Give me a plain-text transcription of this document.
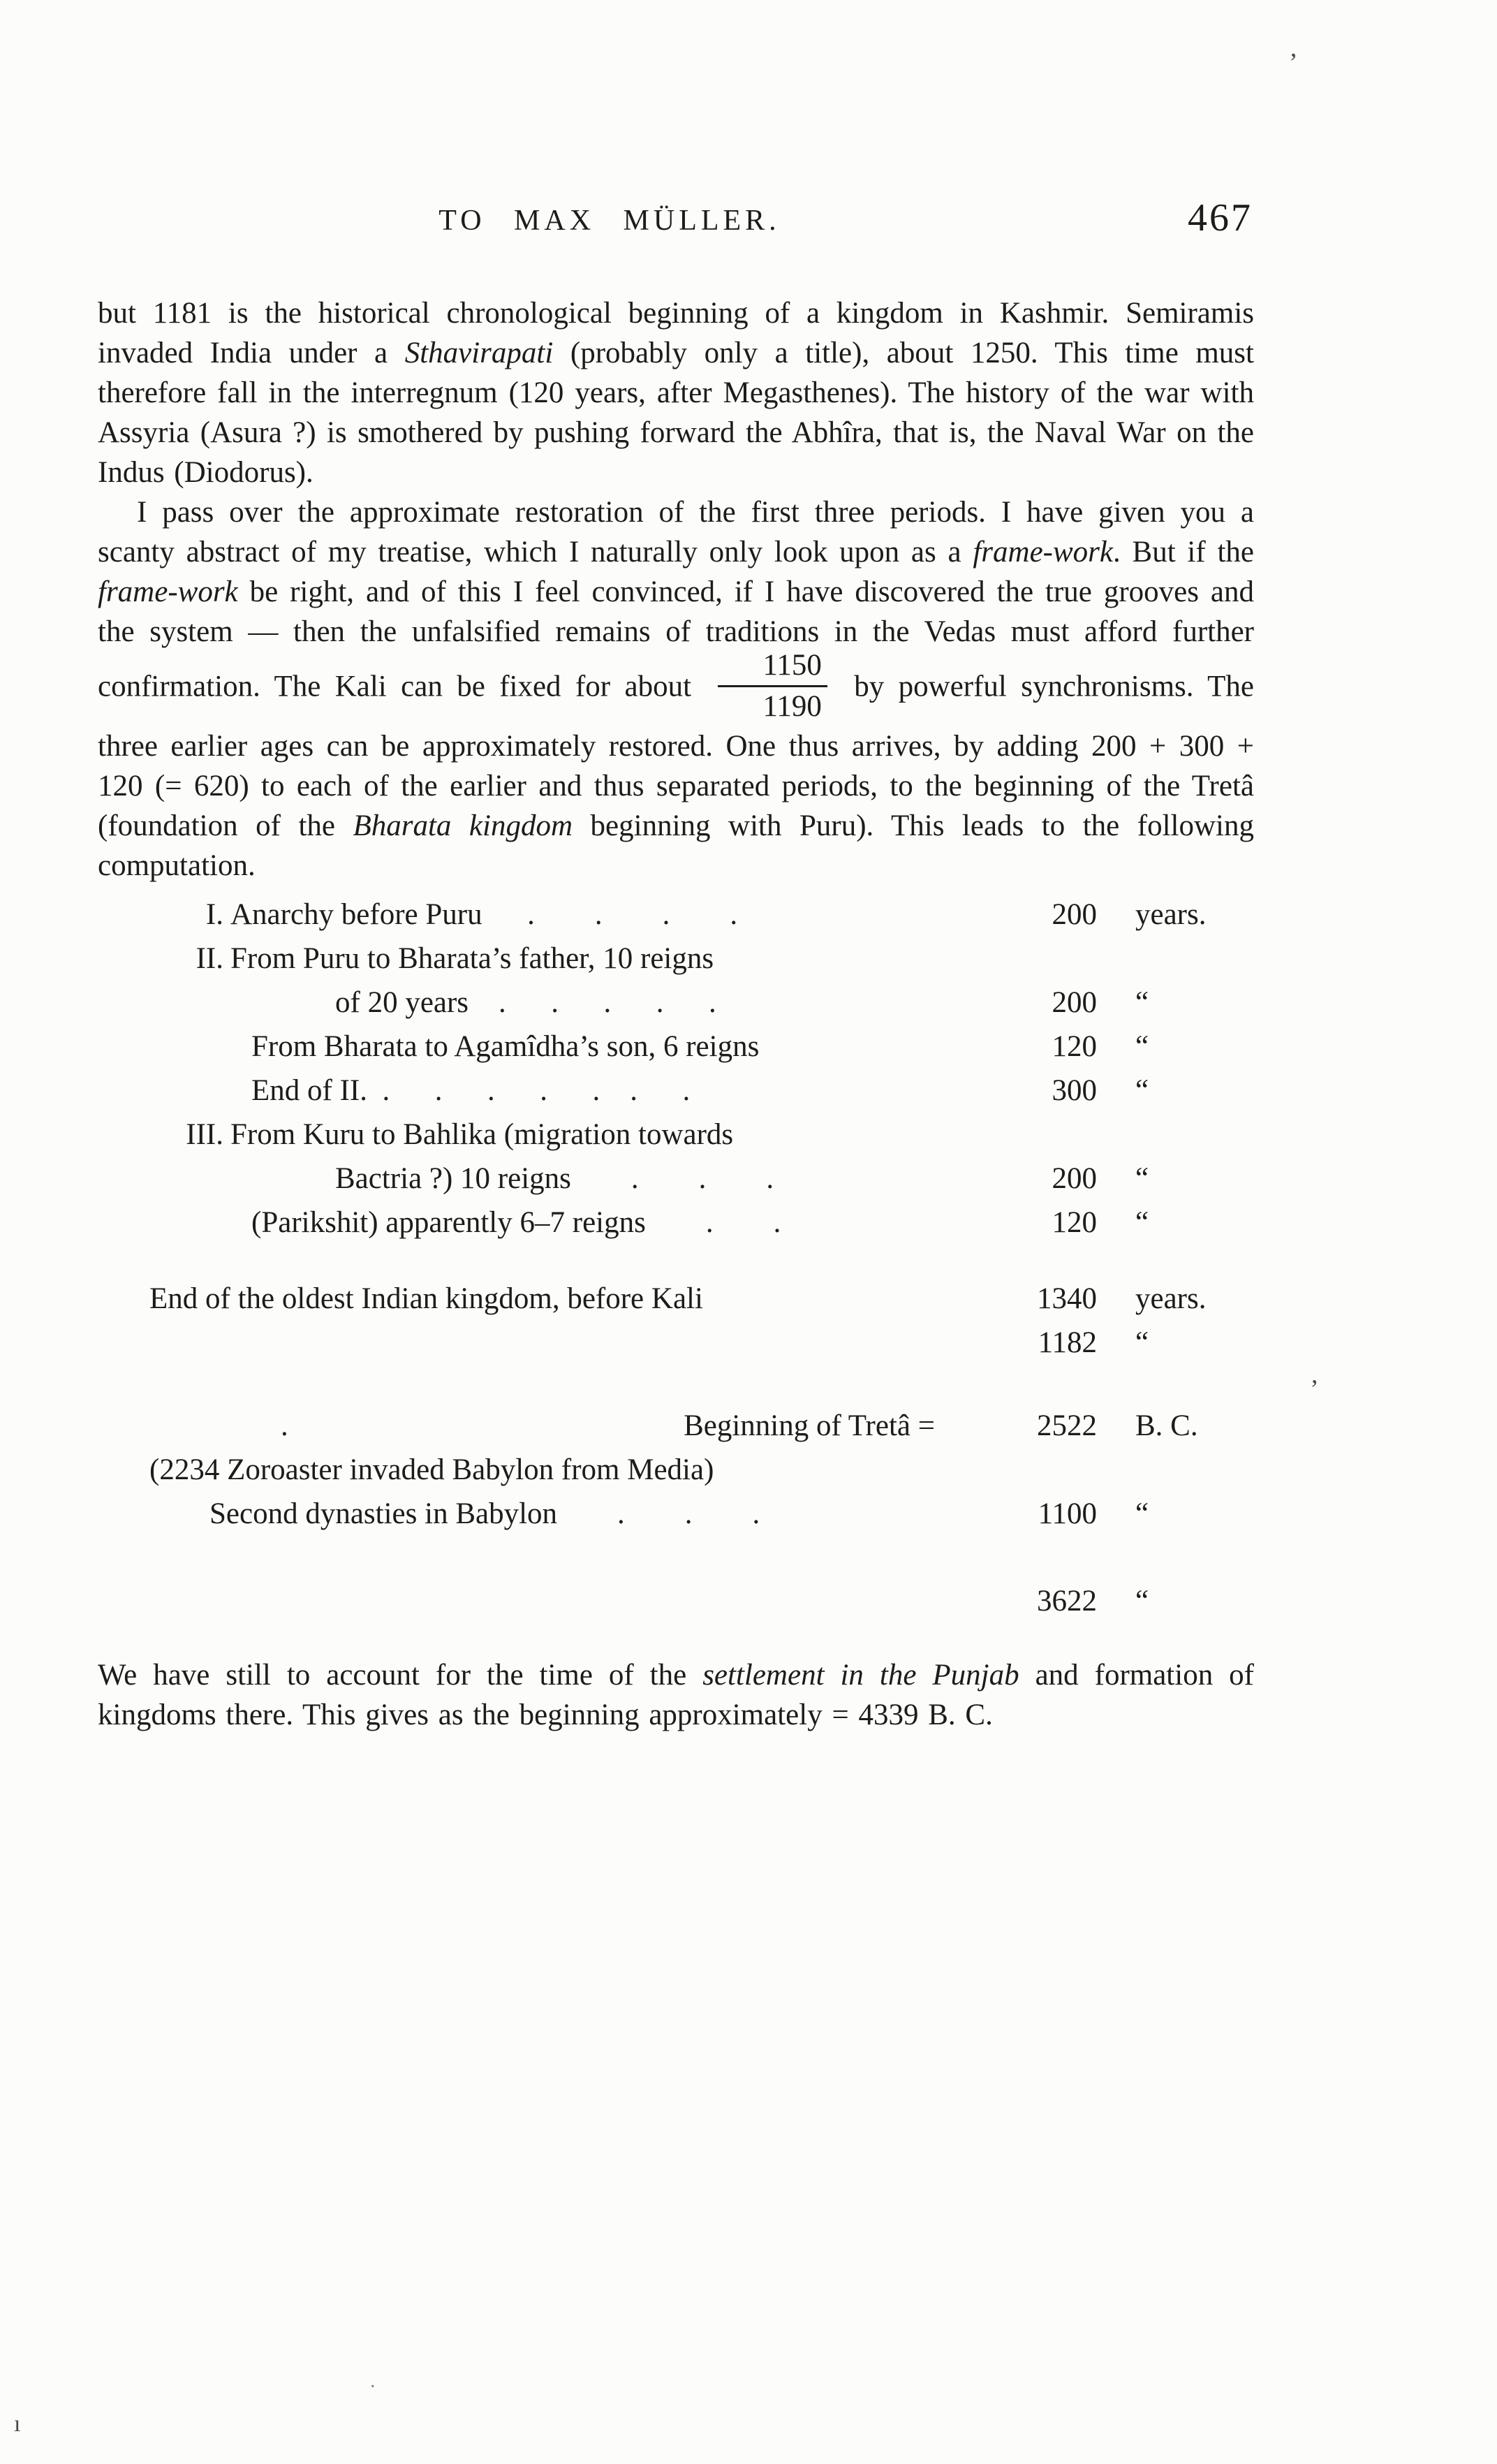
TO MAX MÜLLER.	467

but 1181 is the historical chronological beginning of a kingdom in Kashmir. Semiramis invaded India under a Sthavirapati (probably only a title), about 1250. This time must therefore fall in the interregnum (120 years, after Megasthenes). The history of the war with Assyria (Asura ?) is smothered by pushing forward the Abhîra, that is, the Naval War on the Indus (Diodorus).

I pass over the approximate restoration of the first three periods. I have given you a scanty abstract of my treatise, which I naturally only look upon as a frame-work. But if the frame-work be right, and of this I feel convinced, if I have discovered the true grooves and the system — then the unfalsified remains of traditions in the Vedas must afford further confirmation. The Kali can be fixed for about $\frac{1150}{1190}$ by powerful synchronisms. The three earlier ages can be approximately restored. One thus arrives, by adding 200 + 300 + 120 (= 620) to each of the earlier and thus separated periods, to the beginning of the Tretâ (foundation of the Bharata kingdom beginning with Puru). This leads to the following computation.

I. Anarchy before Puru  .  .  .  .	200	years.
II. From Puru to Bharata’s father, 10 reigns
of 20 years .  .  .  .  .	200	“
From Bharata to Agamîdha’s son, 6 reigns	120	“
End of II. .  .  .  .  .　.  .	300	“
III. From Kuru to Bahlika (migration towards
Bactria ?) 10 reigns  .  .  .	200	“
(Parikshit) apparently 6–7 reigns  .  .	120	“
End of the oldest Indian kingdom, before Kali	1340	years.
1182	“
.	Beginning of Tretâ =	2522	B. C.
(2234 Zoroaster invaded Babylon from Media)
Second dynasties in Babylon  .  .  .	1100	“
3622	“

We have still to account for the time of the settlement in the Punjab and formation of kingdoms there. This gives as the beginning approximately = 4339 B. C.

’
,
.
ı
